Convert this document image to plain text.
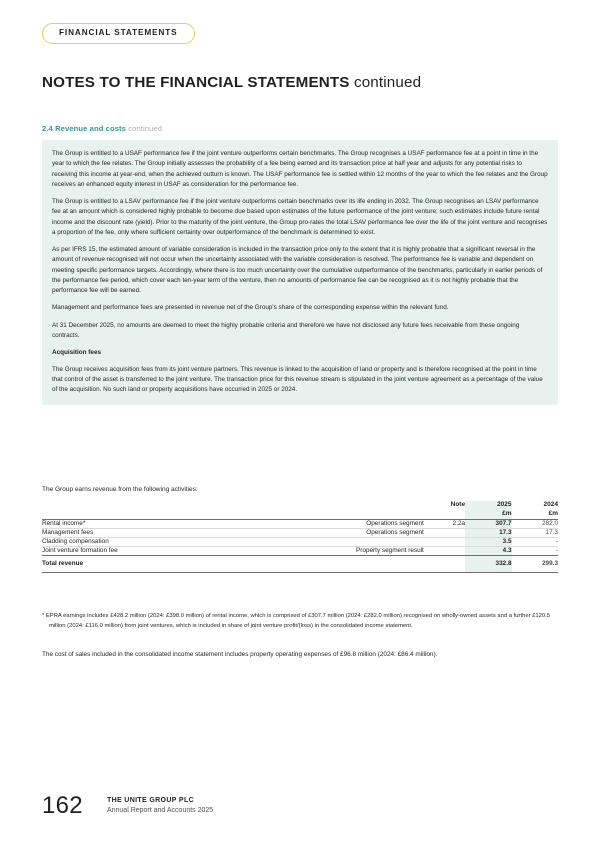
FINANCIAL STATEMENTS
NOTES TO THE FINANCIAL STATEMENTS continued
2.4 Revenue and costs continued

The Group is entitled to a USAF performance fee if the joint venture outperforms certain benchmarks. The Group recognises a USAF performance fee at a point in time in the year to which the fee relates. The Group initially assesses the probability of a fee being earned and its transaction price at half year and adjusts for any potential risks to receiving this income at year-end, when the achieved outturn is known. The USAF performance fee is settled within 12 months of the year to which the fee relates and the Group receives an enhanced equity interest in USAF as consideration for the performance fee.

The Group is entitled to a LSAV performance fee if the joint venture outperforms certain benchmarks over its life ending in 2032. The Group recognises an LSAV performance fee at an amount which is considered highly probable to become due based upon estimates of the future performance of the joint venture; such estimates include future rental income and the discount rate (yield). Prior to the maturity of the joint venture, the Group pro-rates the total LSAV performance fee over the life of the joint venture and recognises a proportion of the fee, only where sufficient certainty over outperformance of the benchmark is determined to exist.

As per IFRS 15, the estimated amount of variable consideration is included in the transaction price only to the extent that it is highly probable that a significant reversal in the amount of revenue recognised will not occur when the uncertainty associated with the variable consideration is resolved. The performance fee is variable and dependent on meeting specific performance targets. Accordingly, where there is too much uncertainty over the cumulative outperformance of the benchmarks, particularly in earlier periods of the performance fee period, which cover each ten-year term of the venture, then no amounts of performance fee can be recognised as it is not highly probable that the performance fee will be earned.

Management and performance fees are presented in revenue net of the Group's share of the corresponding expense within the relevant fund.

At 31 December 2025, no amounts are deemed to meet the highly probable criteria and therefore we have not disclosed any future fees receivable from these ongoing contracts.

Acquisition fees

The Group receives acquisition fees from its joint venture partners. This revenue is linked to the acquisition of land or property and is therefore recognised at the point in time that control of the asset is transferred to the joint venture. The transaction price for this revenue stream is stipulated in the joint venture agreement as a percentage of the value of the acquisition. No such land or property acquisitions have occurred in 2025 or 2024.

The Group earns revenue from the following activities:
		Note	2025	2024
			£m	£m

Rental income*	Operations segment	2.2a	307.7	282.0
Management fees	Operations segment		17.3	17.3
Cladding compensation			3.5	-
Joint venture formation fee	Property segment result		4.3	-

Total revenue			332.8	299.3

* EPRA earnings includes £428.2 million (2024: £398.0 million) of rental income, which is comprised of £307.7 million (2024: £282.0 million) recognised on wholly-owned assets and a further £120.5 million (2024: £116.0 million) from joint ventures, which is included in share of joint venture profit/(loss) in the consolidated income statement.
The cost of sales included in the consolidated income statement includes property operating expenses of £96.8 million (2024: £86.4 million).
162	THE UNITE GROUP PLC
Annual Report and Accounts 2025
